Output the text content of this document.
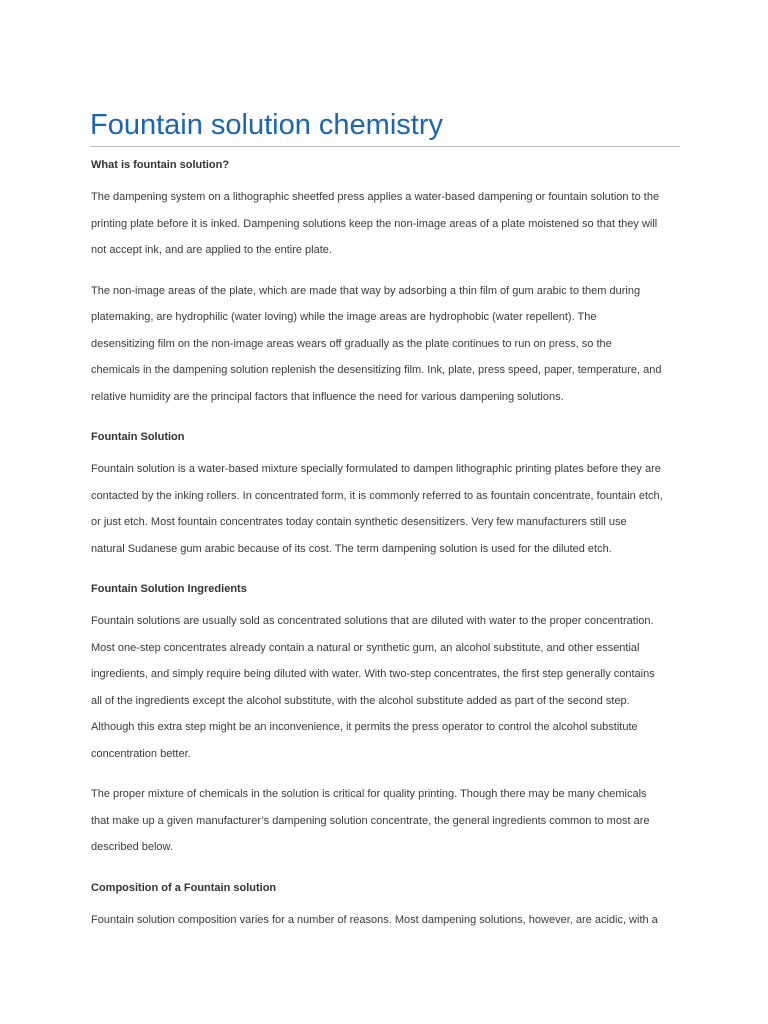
Fountain solution chemistry
What is fountain solution?

The dampening system on a lithographic sheetfed press applies a water-based dampening or fountain solution to the
printing plate before it is inked. Dampening solutions keep the non-image areas of a plate moistened so that they will
not accept ink, and are applied to the entire plate.

The non-image areas of the plate, which are made that way by adsorbing a thin film of gum arabic to them during
platemaking, are hydrophilic (water loving) while the image areas are hydrophobic (water repellent). The
desensitizing film on the non-image areas wears off gradually as the plate continues to run on press, so the
chemicals in the dampening solution replenish the desensitizing film. Ink, plate, press speed, paper, temperature, and
relative humidity are the principal factors that influence the need for various dampening solutions.

Fountain Solution

Fountain solution is a water-based mixture specially formulated to dampen lithographic printing plates before they are
contacted by the inking rollers. In concentrated form, it is commonly referred to as fountain concentrate, fountain etch,
or just etch. Most fountain concentrates today contain synthetic desensitizers. Very few manufacturers still use
natural Sudanese gum arabic because of its cost. The term dampening solution is used for the diluted etch.

Fountain Solution Ingredients

Fountain solutions are usually sold as concentrated solutions that are diluted with water to the proper concentration.
Most one-step concentrates already contain a natural or synthetic gum, an alcohol substitute, and other essential
ingredients, and simply require being diluted with water. With two-step concentrates, the first step generally contains
all of the ingredients except the alcohol substitute, with the alcohol substitute added as part of the second step.
Although this extra step might be an inconvenience, it permits the press operator to control the alcohol substitute
concentration better.

The proper mixture of chemicals in the solution is critical for quality printing. Though there may be many chemicals
that make up a given manufacturer’s dampening solution concentrate, the general ingredients common to most are
described below.

Composition of a Fountain solution

Fountain solution composition varies for a number of reasons. Most dampening solutions, however, are acidic, with a
